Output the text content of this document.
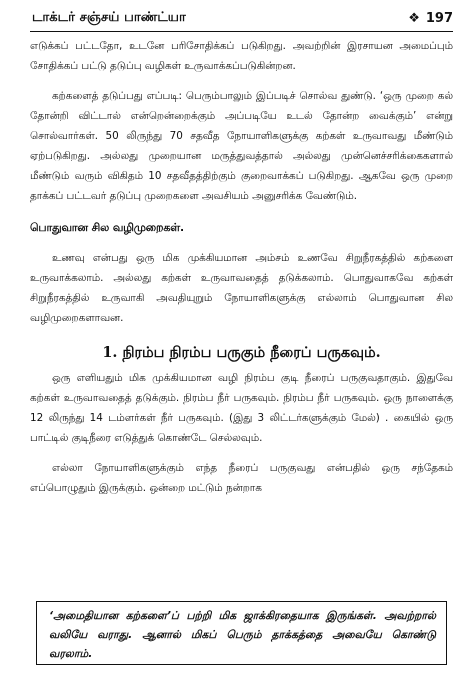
டாக்டர் சஞ்சய் பாண்ட்யா	❖ 197

எடுக்கப் பட்டதோ, உடனே பரிசோதிக்கப் படுகிறது. அவற்றின் இரசாயன அமைப்பும் சோதிக்கப் பட்டு தடுப்பு வழிகள் உருவாக்கப்படுகின்றன.

கற்களைத் தடுப்பது எப்படி: பெரும்பாலும் இப்படிச் சொல்வ துண்டு. ‘ஒரு முறை கல் தோன்றி விட்டால் என்றென்றைக்கும் அப்படியே உடல் தோன்ற வைக்கும்’ என்று சொல்வார்கள். 50 லிருந்து 70 சதவீத நோயாளிகளுக்கு கற்கள் உருவாவது மீண்டும் ஏற்படுகிறது. அல்லது முறையான மருத்துவத்தால் அல்லது முன்னெச்சரிக்கைகளால் மீண்டும் வரும் விகிதம் 10 சதவீதத்திற்கும் குறைவாக்கப் படுகிறது. ஆகவே ஒரு முறை தாக்கப் பட்டவர் தடுப்பு முறைகளை அவசியம் அனுசரிக்க வேண்டும்.

பொதுவான சில வழிமுறைகள்.

உணவு என்பது ஒரு மிக முக்கியமான அம்சம் உணவே சிறுநீரகத்தில் கற்களை உருவாக்கலாம். அல்லது கற்கள் உருவாவதைத் தடுக்கலாம். பொதுவாகவே கற்கள் சிறுநீரகத்தில் உருவாகி அவதியுறும் நோயாளிகளுக்கு எல்லாம் பொதுவான சில வழிமுறைகளாவன.

1. நிரம்ப நிரம்ப பருகும் நீரைப் பருகவும்.

ஒரு எளியதும் மிக முக்கியமான வழி நிரம்ப குடி நீரைப் பருகுவதாகும். இதுவே கற்கள் உருவாவதைத் தடுக்கும். நிரம்ப நீர் பருகவும். நிரம்ப நீர் பருகவும். ஒரு நாளைக்கு 12 லிருந்து 14 டம்ளர்கள் நீர் பருகவும். (இது 3 லிட்டர்களுக்கும் மேல்) . கையில் ஒரு பாட்டில் குடிநீரை எடுத்துக் கொண்டே செல்லவும்.

எல்லா நோயாளிகளுக்கும் எந்த நீரைப் பருகுவது என்பதில் ஒரு சந்தேகம் எப்பொழுதும் இருக்கும். ஒன்றை மட்டும் நன்றாக

‘அமைதியான கற்களை’ப் பற்றி மிக ஜாக்கிரதையாக இருங்கள். அவற்றால் வலியே வராது. ஆனால் மிகப் பெரும் தாக்கத்தை அவையே கொண்டு வரலாம்.
